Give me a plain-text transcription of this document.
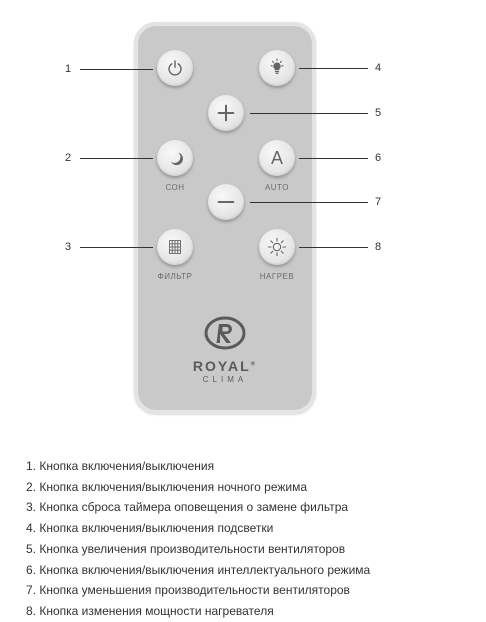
СОН
A
AUTO
ФИЛЬТР	НАГРЕВ
ROYAL®
CLIMA
1
2
3
4
5
6
7
8
1. Кнопка включения/выключения
2. Кнопка включения/выключения ночного режима
3. Кнопка сброса таймера оповещения о замене фильтра
4. Кнопка включения/выключения подсветки
5. Кнопка увеличения производительности вентиляторов
6. Кнопка включения/выключения интеллектуального режима
7. Кнопка уменьшения производительности вентиляторов
8. Кнопка изменения мощности нагревателя
